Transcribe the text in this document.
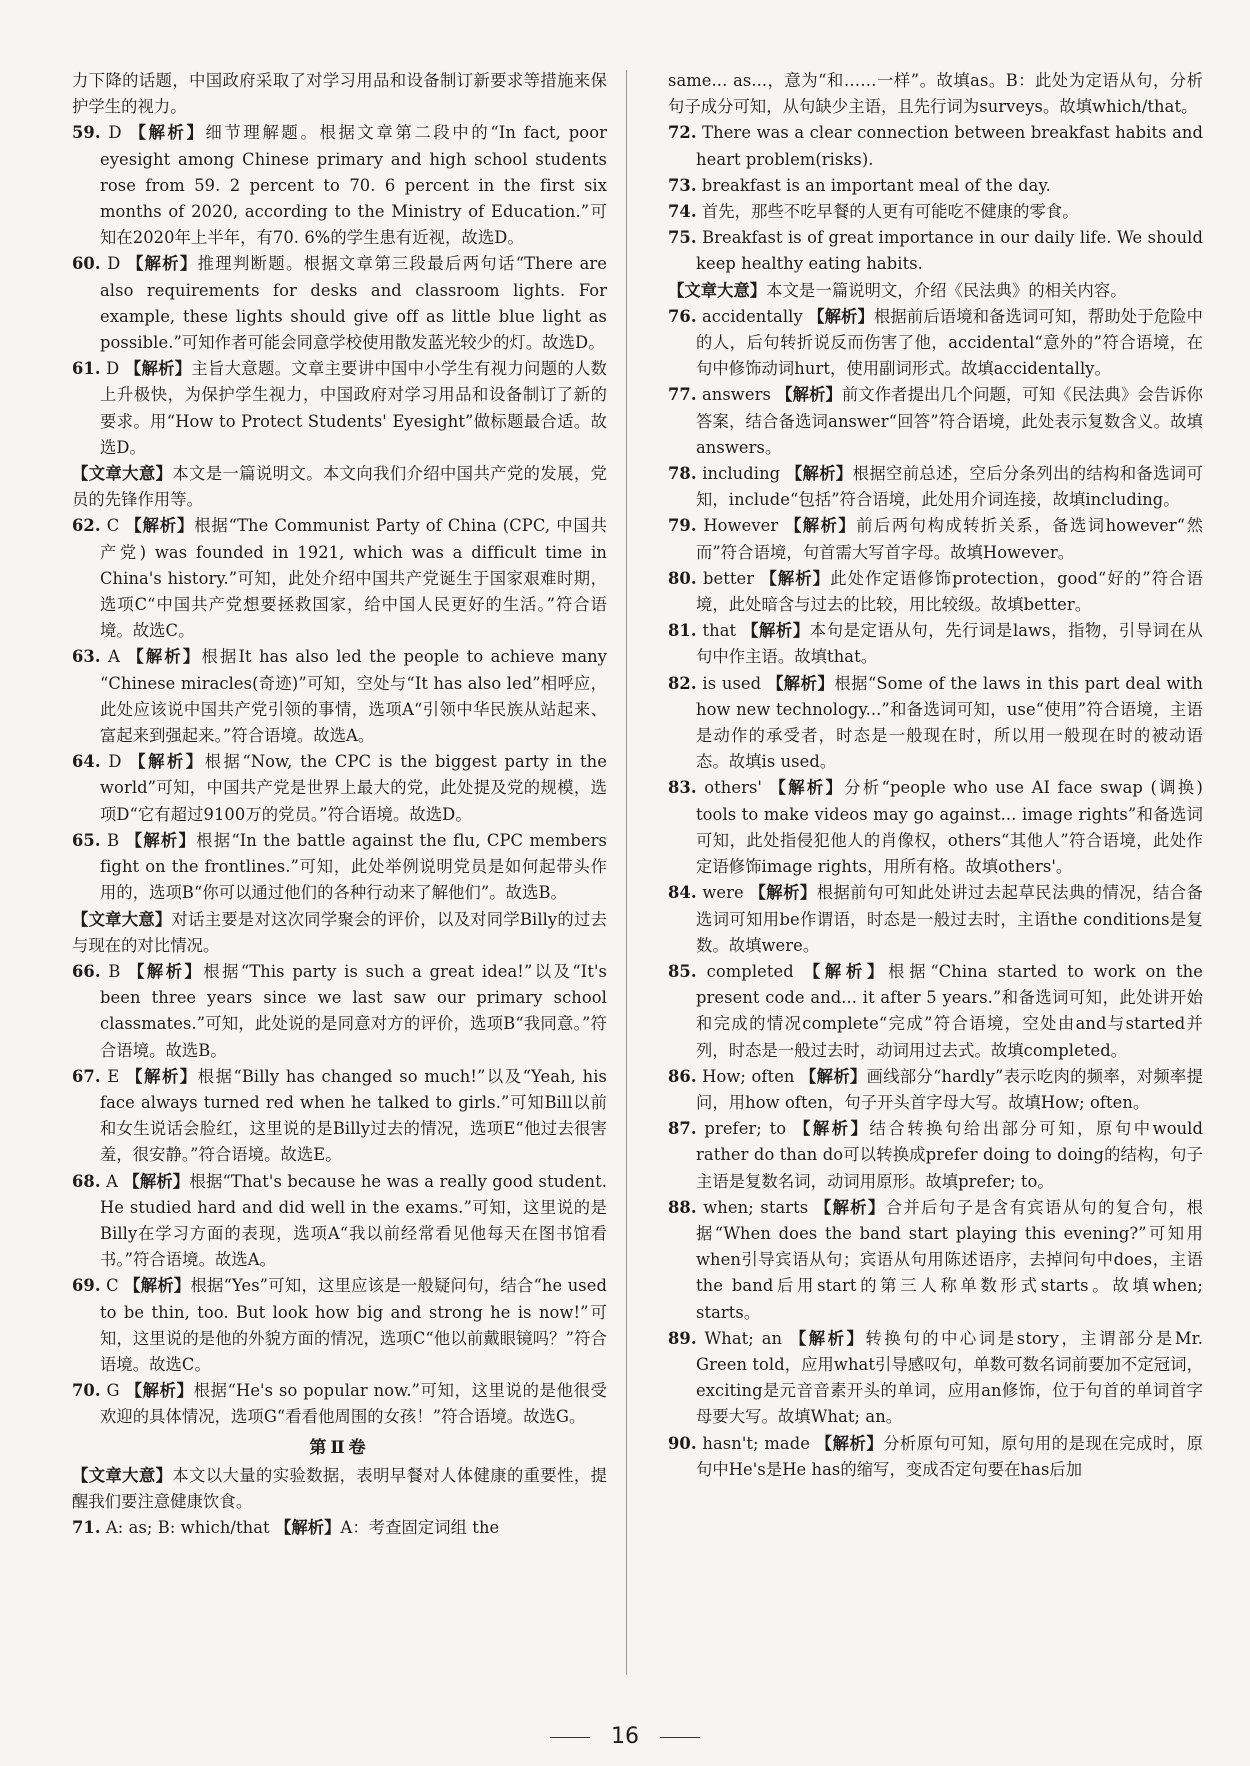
力下降的话题，中国政府采取了对学习用品和设备制订新要求等措施来保护学生的视力。

59. D 【解析】细节理解题。根据文章第二段中的“In fact, poor eyesight among Chinese primary and high school students rose from 59. 2 percent to 70. 6 percent in the first six months of 2020, according to the Ministry of Education.”可知在2020年上半年，有70. 6%的学生患有近视，故选D。

60. D 【解析】推理判断题。根据文章第三段最后两句话“There are also requirements for desks and classroom lights. For example, these lights should give off as little blue light as possible.”可知作者可能会同意学校使用散发蓝光较少的灯。故选D。

61. D 【解析】主旨大意题。文章主要讲中国中小学生有视力问题的人数上升极快，为保护学生视力，中国政府对学习用品和设备制订了新的要求。用“How to Protect Students' Eyesight”做标题最合适。故选D。

【文章大意】本文是一篇说明文。本文向我们介绍中国共产党的发展，党员的先锋作用等。

62. C 【解析】根据“The Communist Party of China (CPC, 中国共产党) was founded in 1921, which was a difficult time in China's history.”可知，此处介绍中国共产党诞生于国家艰难时期，选项C“中国共产党想要拯救国家，给中国人民更好的生活。”符合语境。故选C。

63. A 【解析】根据It has also led the people to achieve many “Chinese miracles(奇迹)”可知，空处与“It has also led”相呼应，此处应该说中国共产党引领的事情，选项A“引领中华民族从站起来、富起来到强起来。”符合语境。故选A。

64. D 【解析】根据“Now, the CPC is the biggest party in the world”可知，中国共产党是世界上最大的党，此处提及党的规模，选项D“它有超过9100万的党员。”符合语境。故选D。

65. B 【解析】根据“In the battle against the flu, CPC members fight on the frontlines.”可知，此处举例说明党员是如何起带头作用的，选项B“你可以通过他们的各种行动来了解他们”。故选B。

【文章大意】对话主要是对这次同学聚会的评价，以及对同学Billy的过去与现在的对比情况。

66. B 【解析】根据“This party is such a great idea!”以及“It's been three years since we last saw our primary school classmates.”可知，此处说的是同意对方的评价，选项B“我同意。”符合语境。故选B。

67. E 【解析】根据“Billy has changed so much!”以及“Yeah, his face always turned red when he talked to girls.”可知Bill以前和女生说话会脸红，这里说的是Billy过去的情况，选项E“他过去很害羞，很安静。”符合语境。故选E。

68. A 【解析】根据“That's because he was a really good student. He studied hard and did well in the exams.”可知，这里说的是Billy在学习方面的表现，选项A“我以前经常看见他每天在图书馆看书。”符合语境。故选A。

69. C 【解析】根据“Yes”可知，这里应该是一般疑问句，结合“he used to be thin, too. But look how big and strong he is now!”可知，这里说的是他的外貌方面的情况，选项C“他以前戴眼镜吗？”符合语境。故选C。

70. G 【解析】根据“He's so popular now.”可知，这里说的是他很受欢迎的具体情况，选项G“看看他周围的女孩！”符合语境。故选G。

第Ⅱ卷

【文章大意】本文以大量的实验数据，表明早餐对人体健康的重要性，提醒我们要注意健康饮食。

71. A: as; B: which/that 【解析】A：考查固定词组 the

same... as...，意为“和……一样”。故填as。B：此处为定语从句，分析句子成分可知，从句缺少主语，且先行词为surveys。故填which/that。

72. There was a clear connection between breakfast habits and heart problem(risks).

73. breakfast is an important meal of the day.

74. 首先，那些不吃早餐的人更有可能吃不健康的零食。

75. Breakfast is of great importance in our daily life. We should keep healthy eating habits.

【文章大意】本文是一篇说明文，介绍《民法典》的相关内容。

76. accidentally 【解析】根据前后语境和备选词可知，帮助处于危险中的人，后句转折说反而伤害了他，accidental“意外的”符合语境，在句中修饰动词hurt，使用副词形式。故填accidentally。

77. answers 【解析】前文作者提出几个问题，可知《民法典》会告诉你答案，结合备选词answer“回答”符合语境，此处表示复数含义。故填answers。

78. including 【解析】根据空前总述，空后分条列出的结构和备选词可知，include“包括”符合语境，此处用介词连接，故填including。

79. However 【解析】前后两句构成转折关系，备选词however“然而”符合语境，句首需大写首字母。故填However。

80. better 【解析】此处作定语修饰protection，good“好的”符合语境，此处暗含与过去的比较，用比较级。故填better。

81. that 【解析】本句是定语从句，先行词是laws，指物，引导词在从句中作主语。故填that。

82. is used 【解析】根据“Some of the laws in this part deal with how new technology...”和备选词可知，use“使用”符合语境，主语是动作的承受者，时态是一般现在时，所以用一般现在时的被动语态。故填is used。

83. others' 【解析】分析“people who use AI face swap (调换) tools to make videos may go against... image rights”和备选词可知，此处指侵犯他人的肖像权，others“其他人”符合语境，此处作定语修饰image rights，用所有格。故填others'。

84. were 【解析】根据前句可知此处讲过去起草民法典的情况，结合备选词可知用be作谓语，时态是一般过去时，主语the conditions是复数。故填were。

85. completed 【解析】根据“China started to work on the present code and... it after 5 years.”和备选词可知，此处讲开始和完成的情况complete“完成”符合语境，空处由and与started并列，时态是一般过去时，动词用过去式。故填completed。

86. How; often 【解析】画线部分“hardly”表示吃肉的频率，对频率提问，用how often，句子开头首字母大写。故填How; often。

87. prefer; to 【解析】结合转换句给出部分可知，原句中would rather do than do可以转换成prefer doing to doing的结构，句子主语是复数名词，动词用原形。故填prefer; to。

88. when; starts 【解析】合并后句子是含有宾语从句的复合句，根据“When does the band start playing this evening?”可知用when引导宾语从句；宾语从句用陈述语序，去掉问句中does，主语the band后用start的第三人称单数形式starts。故填when; starts。

89. What; an 【解析】转换句的中心词是story，主谓部分是Mr. Green told，应用what引导感叹句，单数可数名词前要加不定冠词，exciting是元音音素开头的单词，应用an修饰，位于句首的单词首字母要大写。故填What; an。

90. hasn't; made 【解析】分析原句可知，原句用的是现在完成时，原句中He's是He has的缩写，变成否定句要在has后加

16
